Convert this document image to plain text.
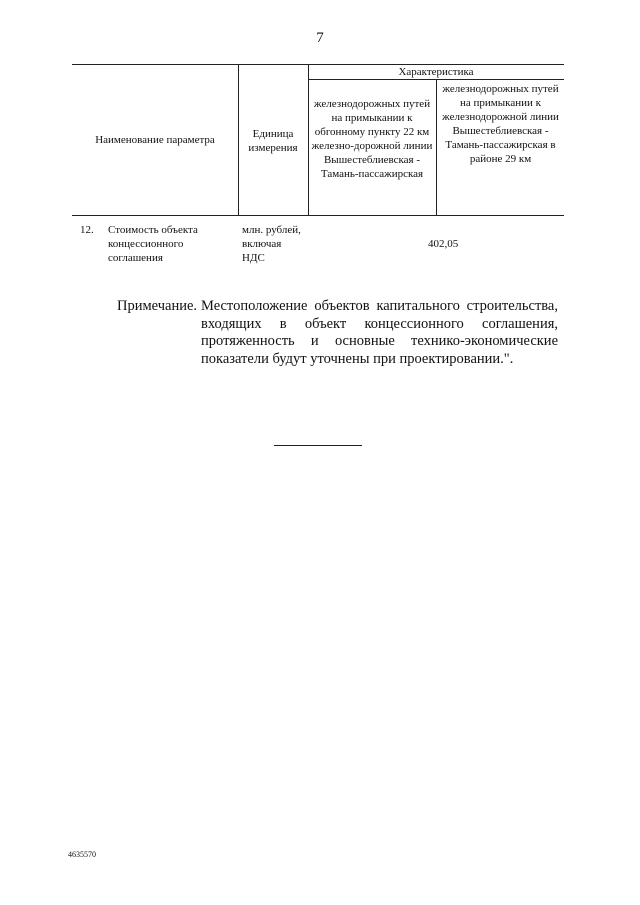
7
Наименование параметра	Единица измерения
Характеристика
железнодорожных путей на примыкании к обгонному пункту 22 км железно-дорожной линии Вышестеблиевская - Тамань-пассажирская
железнодорожных путей на примыкании к железнодорожной линии Вышестеблиевская - Тамань-пассажирская в районе 29 км
12. Стоимость объекта концессионного соглашения
млн. рублей, включая НДС
402,05
Примечание. Местоположение объектов капитального строительства, входящих в объект концессионного соглашения, протяженность и основные технико-экономические показатели будут уточнены при проектировании.".
4635570
